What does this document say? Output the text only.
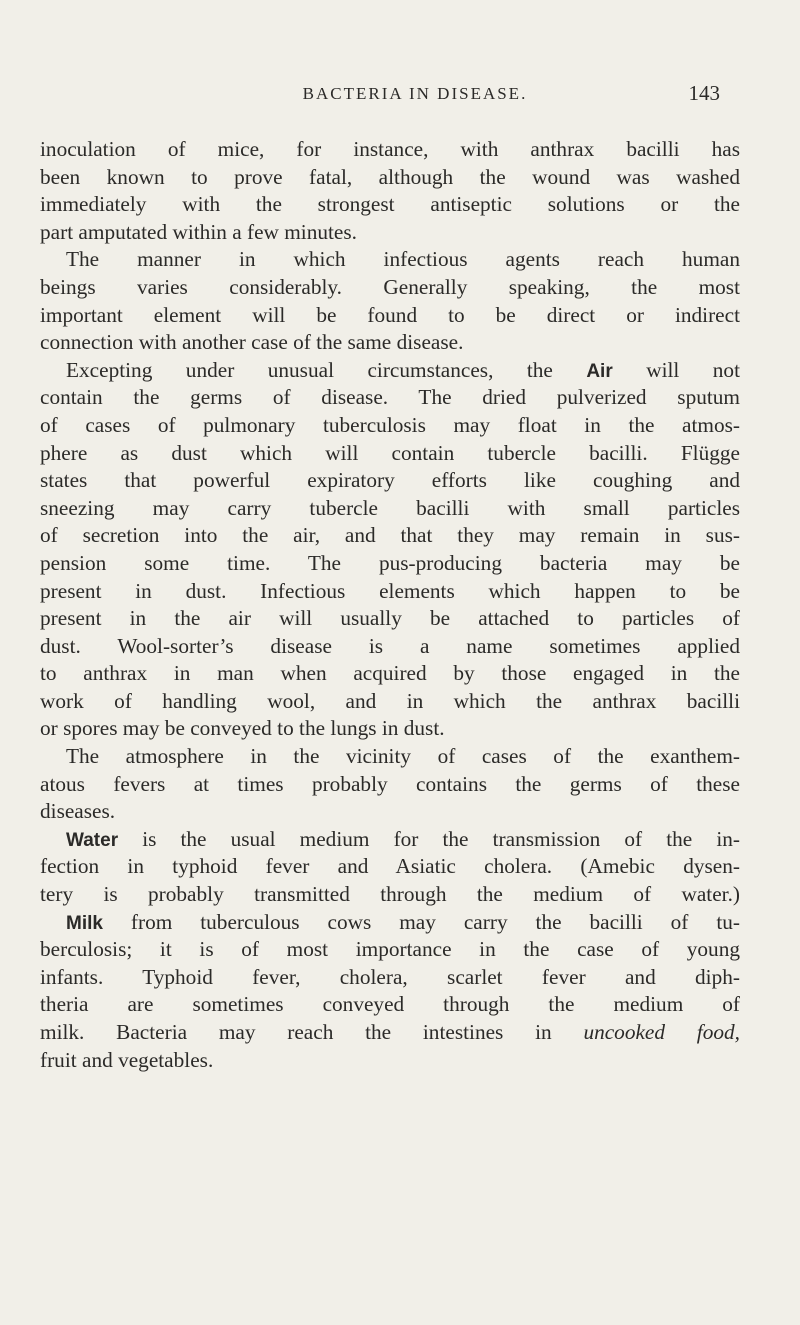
BACTERIA IN DISEASE.	143
inoculation of mice, for instance, with anthrax bacilli has
been known to prove fatal, although the wound was washed
immediately with the strongest antiseptic solutions or the
part amputated within a few minutes.
The manner in which infectious agents reach human
beings varies considerably. Generally speaking, the most
important element will be found to be direct or indirect
connection with another case of the same disease.
Excepting under unusual circumstances, the Air will not
contain the germs of disease. The dried pulverized sputum
of cases of pulmonary tuberculosis may float in the atmos-
phere as dust which will contain tubercle bacilli. Flügge
states that powerful expiratory efforts like coughing and
sneezing may carry tubercle bacilli with small particles
of secretion into the air, and that they may remain in sus-
pension some time. The pus-producing bacteria may be
present in dust. Infectious elements which happen to be
present in the air will usually be attached to particles of
dust. Wool-sorter’s disease is a name sometimes applied
to anthrax in man when acquired by those engaged in the
work of handling wool, and in which the anthrax bacilli
or spores may be conveyed to the lungs in dust.
The atmosphere in the vicinity of cases of the exanthem-
atous fevers at times probably contains the germs of these
diseases.
Water is the usual medium for the transmission of the in-
fection in typhoid fever and Asiatic cholera. (Amebic dysen-
tery is probably transmitted through the medium of water.)
Milk from tuberculous cows may carry the bacilli of tu-
berculosis; it is of most importance in the case of young
infants. Typhoid fever, cholera, scarlet fever and diph-
theria are sometimes conveyed through the medium of
milk. Bacteria may reach the intestines in uncooked food,
fruit and vegetables.
